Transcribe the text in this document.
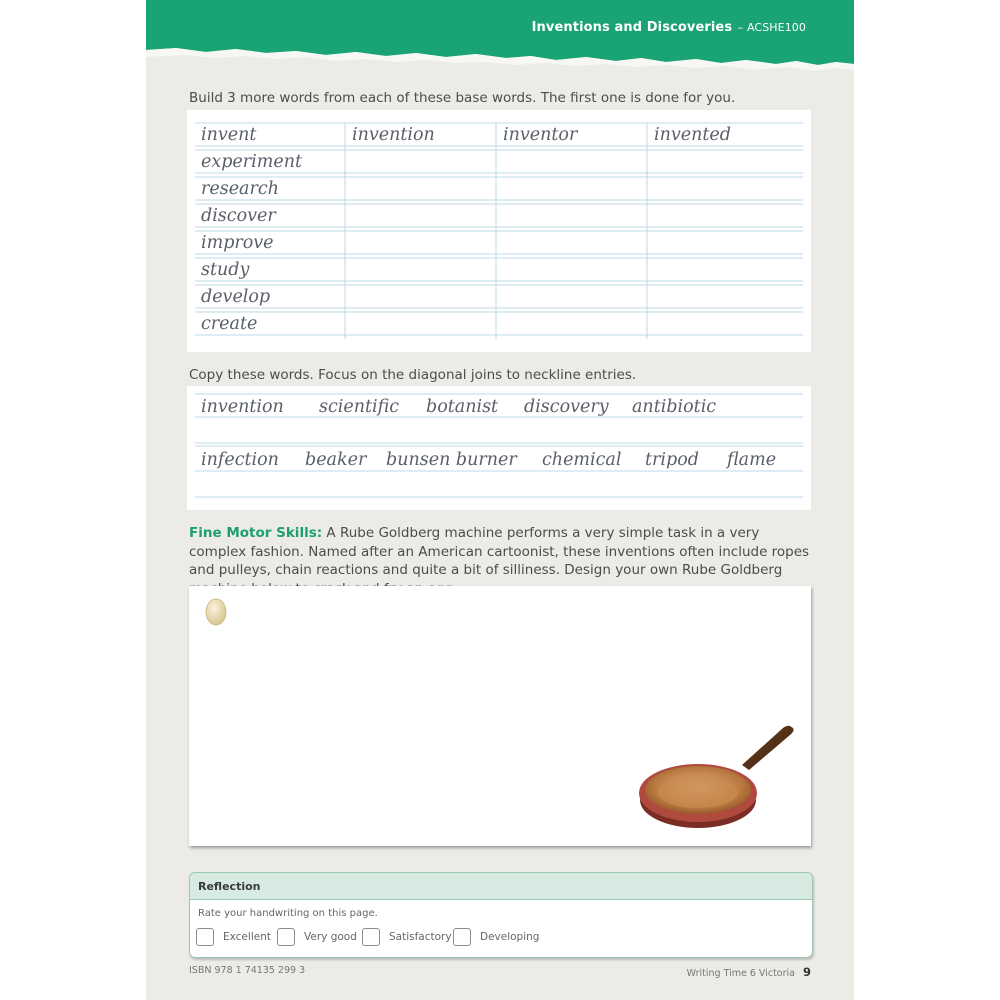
Inventions and Discoveries – ACSHE100
Build 3 more words from each of these base words. The first one is done for you.
invent	invention	inventor	invented
experiment
research
discover
improve
study
develop
create
Copy these words. Focus on the diagonal joins to neckline entries.
invention scientific botanist discovery antibiotic
infection beaker bunsen burner chemical tripod flame
Fine Motor Skills: A Rube Goldberg machine performs a very simple task in a very complex fashion. Named after an American cartoonist, these inventions often include ropes and pulleys, chain reactions and quite a bit of silliness. Design your own Rube Goldberg
Reflection
Rate your handwriting on this page.
Excellent	Very good	Satisfactory	Developing
ISBN 978 1 74135 299 3	Writing Time 6 Victoria 9
